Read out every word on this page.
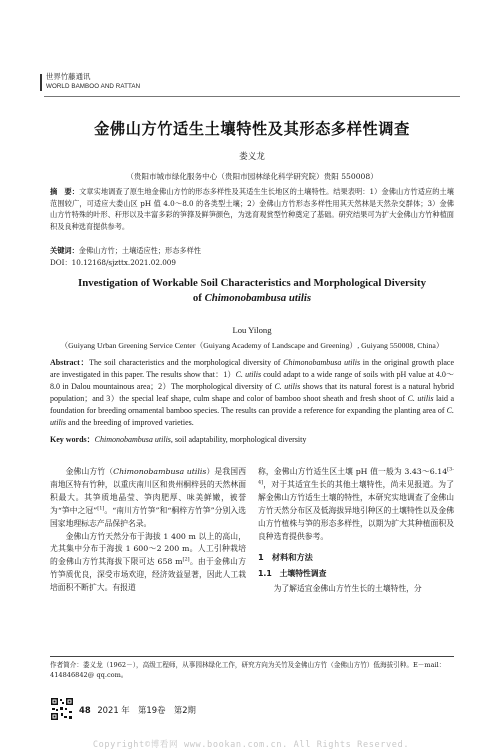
世界竹藤通讯
WORLD BAMBOO AND RATTAN
金佛山方竹适生土壤特性及其形态多样性调查
娄义龙
（贵阳市城市绿化服务中心（贵阳市园林绿化科学研究院）贵阳 550008）
摘　要：文章实地调查了原生地金佛山方竹的形态多样性及其适生生长地区的土壤特性。结果表明：1）金佛山方竹适应的土壤范围较广，可适应大娄山区 pH 值 4.0～8.0 的各类型土壤；2）金佛山方竹形态多样性用其天然林是天然杂交群体；3）金佛山方竹特殊的叶形、秆形以及丰富多彩的笋箨及鲜笋颜色，为选育观赏型竹种奠定了基础。研究结果可为扩大金佛山方竹种植面积及良种选育提供参考。
关键词：金佛山方竹；土壤适应性；形态多样性
DOI：10.12168/sjzttx.2021.02.009
Investigation of Workable Soil Characteristics and Morphological Diversity
of Chimonobambusa utilis
Lou Yilong
（Guiyang Urban Greening Service Center（Guiyang Academy of Landscape and Greening）, Guiyang 550008, China）
Abstract：The soil characteristics and the morphological diversity of Chimonobambusa utilis in the original growth place are investigated in this paper. The results show that：1）C. utilis could adapt to a wide range of soils with pH value at 4.0～8.0 in Dalou mountainous area；2）The morphological diversity of C. utilis shows that its natural forest is a natural hybrid population；and 3）the special leaf shape, culm shape and color of bamboo shoot sheath and fresh shoot of C. utilis laid a foundation for breeding ornamental bamboo species. The results can provide a reference for expanding the planting area of C. utilis and the breeding of improved varieties.
Key words：Chimonobambusa utilis, soil adaptability, morphological diversity

金佛山方竹（Chimonobambusa utilis）是我国西南地区特有竹种，以重庆南川区和贵州桐梓县的天然林面积最大。其笋质地晶莹、笋肉肥厚、味美鲜嫩，被誉为“笋中之冠”[1]。“南川方竹笋”和“桐梓方竹笋”分别入选国家地理标志产品保护名录。

金佛山方竹天然分布于海拔 1 400 m 以上的高山，尤其集中分布于海拔 1 600～2 200 m。人工引种栽培的金佛山方竹其海拔下限可达 658 m[2]。由于金佛山方竹笋质优良，深受市场欢迎，经济效益显著，因此人工栽培面积不断扩大。有报道

称，金佛山方竹适生区土壤 pH 值一般为 3.43～6.14[3-4]，对于其适宜生长的其他土壤特性，尚未见报道。为了解金佛山方竹适生土壤的特性，本研究实地调查了金佛山方竹天然分布区及低海拔异地引种区的土壤特性以及金佛山方竹植株与笋的形态多样性，以期为扩大其种植面积及良种选育提供参考。

1　材料和方法

1.1　土壤特性调查

为了解适宜金佛山方竹生长的土壤特性，分

作者简介：娄义龙（1962－），高级工程师，从事园林绿化工作，研究方向为关竹及金佛山方竹（金佛山方竹）低海拔引种。E－mail：414846842@ qq.com。
48 2021 年　第19卷　第2期
Copyright©博看网 www.bookan.com.cn. All Rights Reserved.
